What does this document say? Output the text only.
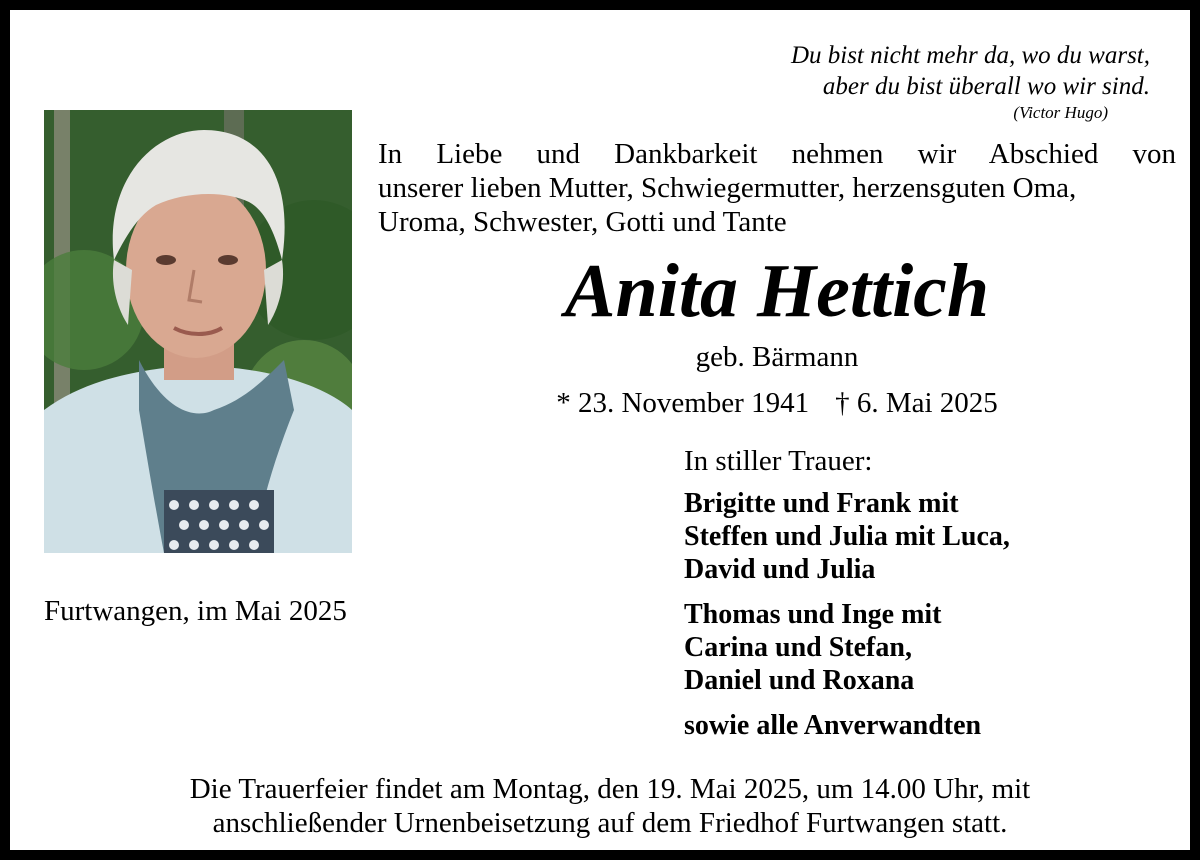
Du bist nicht mehr da, wo du warst,
aber du bist überall wo wir sind.
(Victor Hugo)
In Liebe und Dankbarkeit nehmen wir Abschied von
unserer lieben Mutter, Schwiegermutter, herzensguten Oma,
Uroma, Schwester, Gotti und Tante
Anita Hettich
geb. Bärmann
* 23. November 1941 † 6. Mai 2025
Furtwangen, im Mai 2025
In stiller Trauer:
Brigitte und Frank mit
Steffen und Julia mit Luca,
David und Julia
Thomas und Inge mit
Carina und Stefan,
Daniel und Roxana
sowie alle Anverwandten
Die Trauerfeier findet am Montag, den 19. Mai 2025, um 14.00 Uhr, mit
anschließender Urnenbeisetzung auf dem Friedhof Furtwangen statt.
